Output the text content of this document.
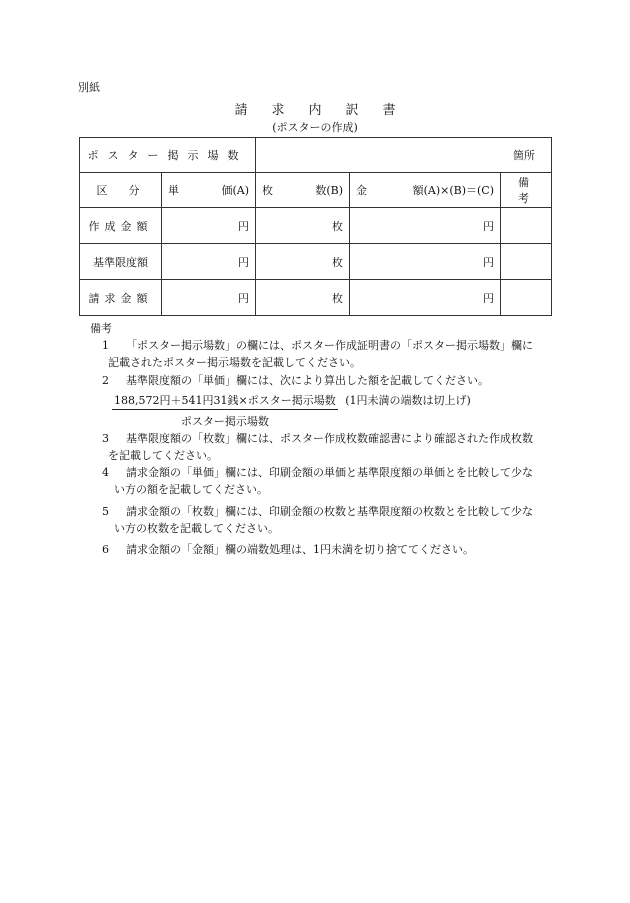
別紙
請求内訳書
(ポスターの作成)
ポスター掲示場数		箇所		
区　分	単 価(A)	枚 数(B)	金 額(A)×(B)＝(C)	備　考
作成金額	円	枚	円	
基準限度額	円	枚	円	
請求金額	円	枚	円	
備考
1 「ポスター掲示場数」の欄には、ポスター作成証明書の「ポスター掲示場数」欄に
記載されたポスター掲示場数を記載してください。
2 基準限度額の「単価」欄には、次により算出した額を記載してください。
$\frac{\text{188,572円＋541円31銭×ポスター掲示場数}}{\text{ポスター掲示場数}} (1$円未満の端数は切上げ)
3 基準限度額の「枚数」欄には、ポスター作成枚数確認書により確認された作成枚数
を記載してください。
4 請求金額の「単価」欄には、印刷金額の単価と基準限度額の単価とを比較して少な
い方の額を記載してください。
5 請求金額の「枚数」欄には、印刷金額の枚数と基準限度額の枚数とを比較して少な
い方の枚数を記載してください。
6 請求金額の「金額」欄の端数処理は、1円未満を切り捨ててください。
